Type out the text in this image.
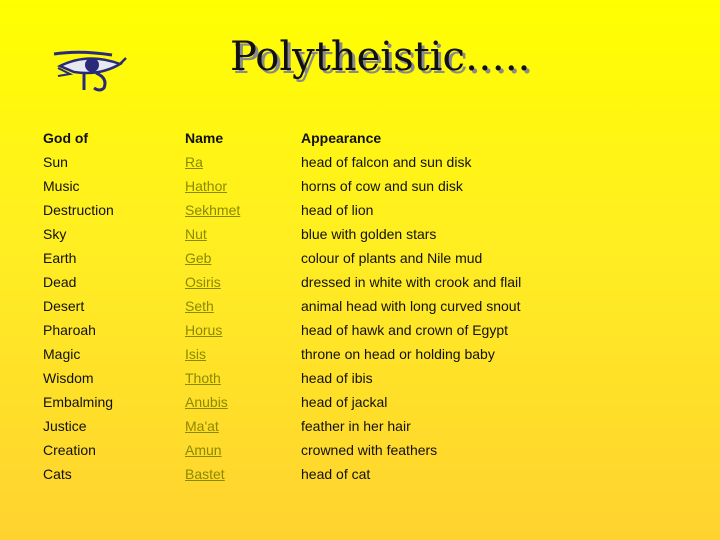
Polytheistic…..
God of	Name	Appearance
Sun	Ra	head of falcon and sun disk
Music	Hathor	horns of cow and sun disk
Destruction	Sekhmet	head of lion
Sky	Nut	blue with golden stars
Earth	Geb	colour of plants and Nile mud
Dead	Osiris	dressed in white with crook and flail
Desert	Seth	animal head with long curved snout
Pharoah	Horus	head of hawk and crown of Egypt
Magic	Isis	throne on head or holding baby
Wisdom	Thoth	head of ibis
Embalming	Anubis	head of jackal
Justice	Ma'at	feather in her hair
Creation	Amun	crowned with feathers
Cats	Bastet	head of cat
